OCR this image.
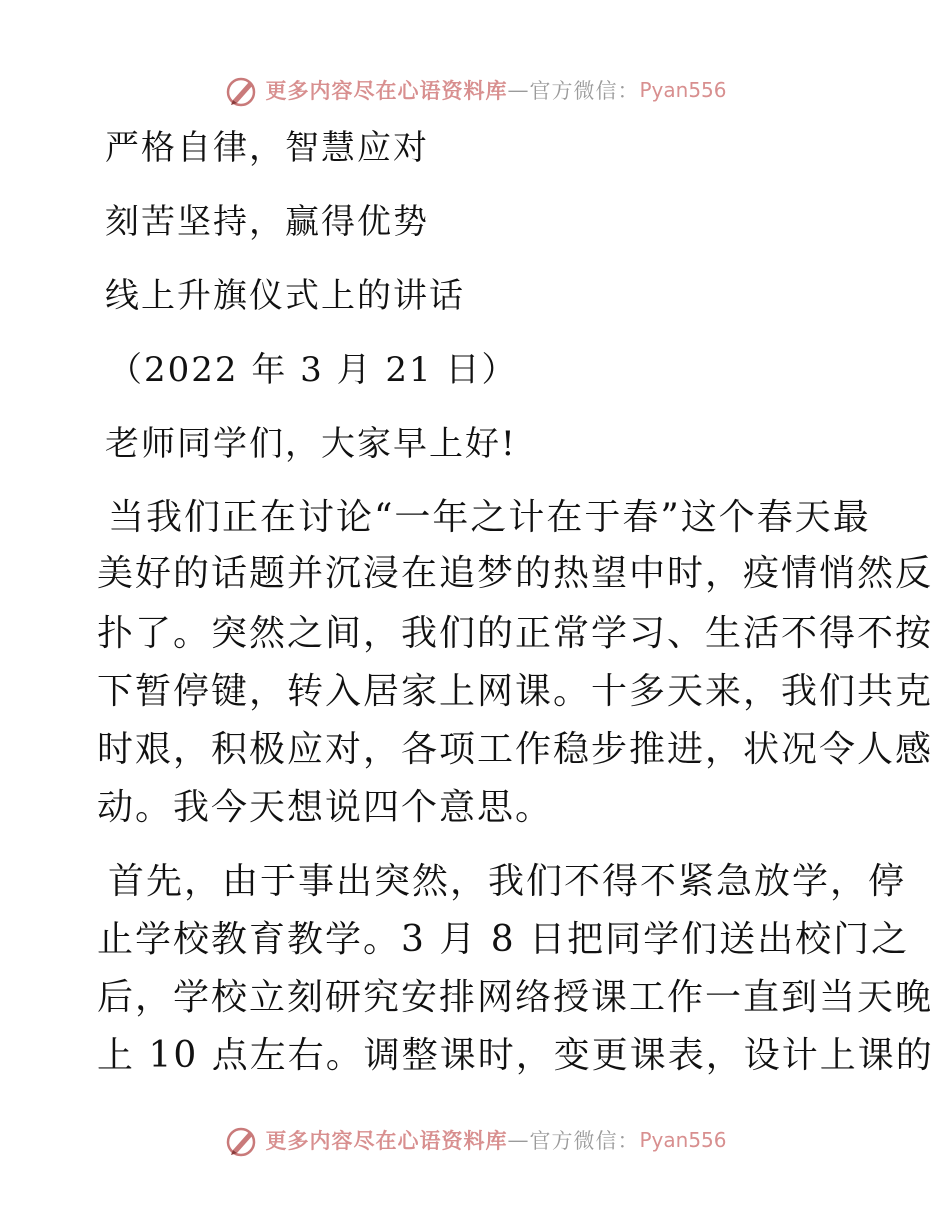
更多内容尽在心语资料库 — 官方微信： Pyan556
严格自律，智慧应对
刻苦坚持，赢得优势
线上升旗仪式上的讲话
（2022 年 3 月 21 日）
老师同学们，大家早上好!
当我们正在讨论“一年之计在于春”这个春天最
美好的话题并沉浸在追梦的热望中时，疫情悄然反
扑了。突然之间，我们的正常学习、生活不得不按
下暂停键，转入居家上网课。十多天来，我们共克
时艰，积极应对，各项工作稳步推进，状况令人感
动。我今天想说四个意思。
首先，由于事出突然，我们不得不紧急放学，停
止学校教育教学。3 月 8 日把同学们送出校门之
后，学校立刻研究安排网络授课工作一直到当天晚
上 10 点左右。调整课时，变更课表，设计上课的
更多内容尽在心语资料库 — 官方微信： Pyan556
